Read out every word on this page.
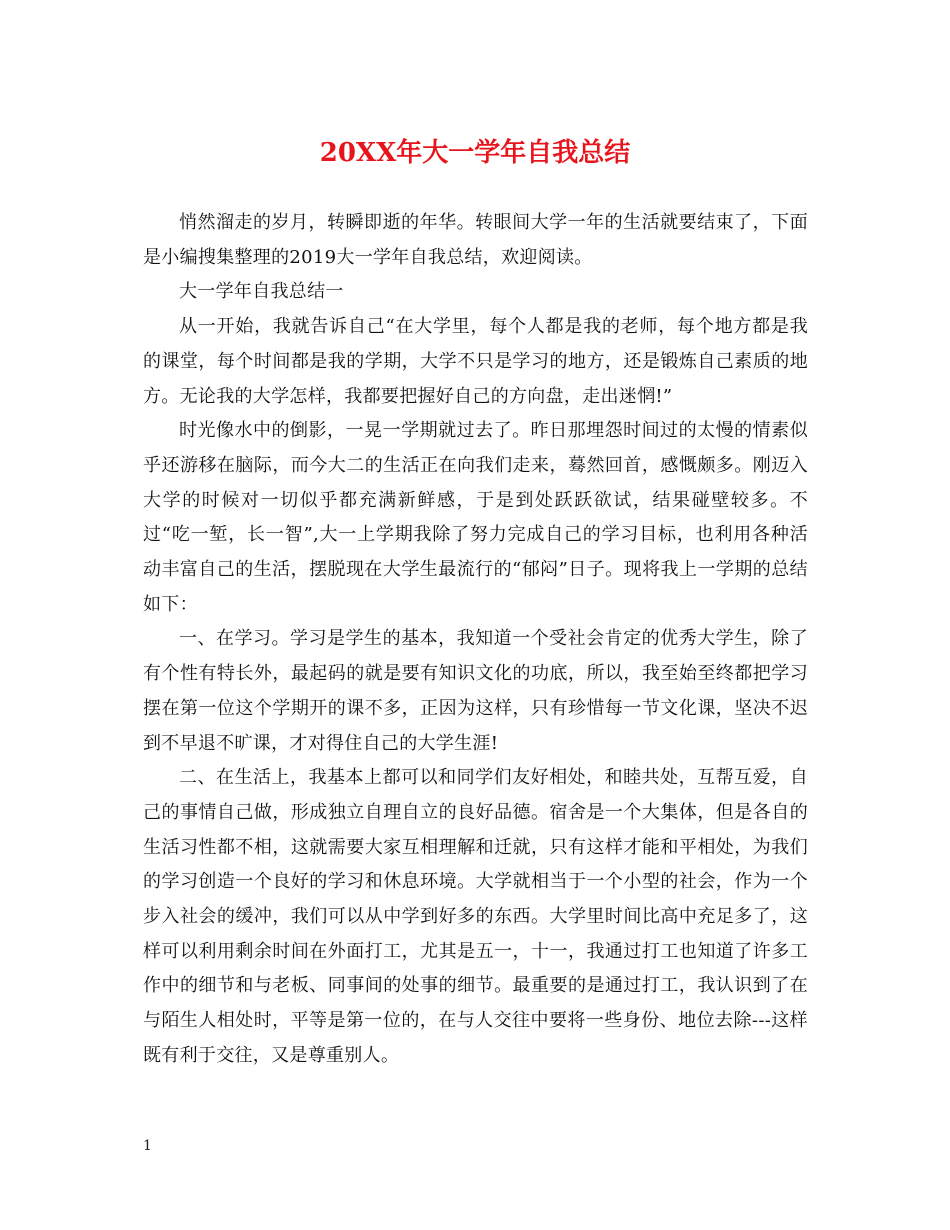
20XX年大一学年自我总结

悄然溜走的岁月，转瞬即逝的年华。转眼间大学一年的生活就要结束了，下面是小编搜集整理的2019大一学年自我总结，欢迎阅读。

大一学年自我总结一

从一开始，我就告诉自己“在大学里，每个人都是我的老师，每个地方都是我的课堂，每个时间都是我的学期，大学不只是学习的地方，还是锻炼自己素质的地方。无论我的大学怎样，我都要把握好自己的方向盘，走出迷惘!”

时光像水中的倒影，一晃一学期就过去了。昨日那埋怨时间过的太慢的情素似乎还游移在脑际，而今大二的生活正在向我们走来，蓦然回首，感慨颇多。刚迈入大学的时候对一切似乎都充满新鲜感，于是到处跃跃欲试，结果碰壁较多。不过“吃一堑，长一智”,大一上学期我除了努力完成自己的学习目标，也利用各种活动丰富自己的生活，摆脱现在大学生最流行的“郁闷”日子。现将我上一学期的总结如下：

一、在学习。学习是学生的基本，我知道一个受社会肯定的优秀大学生，除了有个性有特长外，最起码的就是要有知识文化的功底，所以，我至始至终都把学习摆在第一位这个学期开的课不多，正因为这样，只有珍惜每一节文化课，坚决不迟到不早退不旷课，才对得住自己的大学生涯!

二、在生活上，我基本上都可以和同学们友好相处，和睦共处，互帮互爱，自己的事情自己做，形成独立自理自立的良好品德。宿舍是一个大集体，但是各自的生活习性都不相，这就需要大家互相理解和迁就，只有这样才能和平相处，为我们的学习创造一个良好的学习和休息环境。大学就相当于一个小型的社会，作为一个步入社会的缓冲，我们可以从中学到好多的东西。大学里时间比高中充足多了，这样可以利用剩余时间在外面打工，尤其是五一，十一，我通过打工也知道了许多工作中的细节和与老板、同事间的处事的细节。最重要的是通过打工，我认识到了在与陌生人相处时，平等是第一位的，在与人交往中要将一些身份、地位去除---这样既有利于交往，又是尊重别人。

1
